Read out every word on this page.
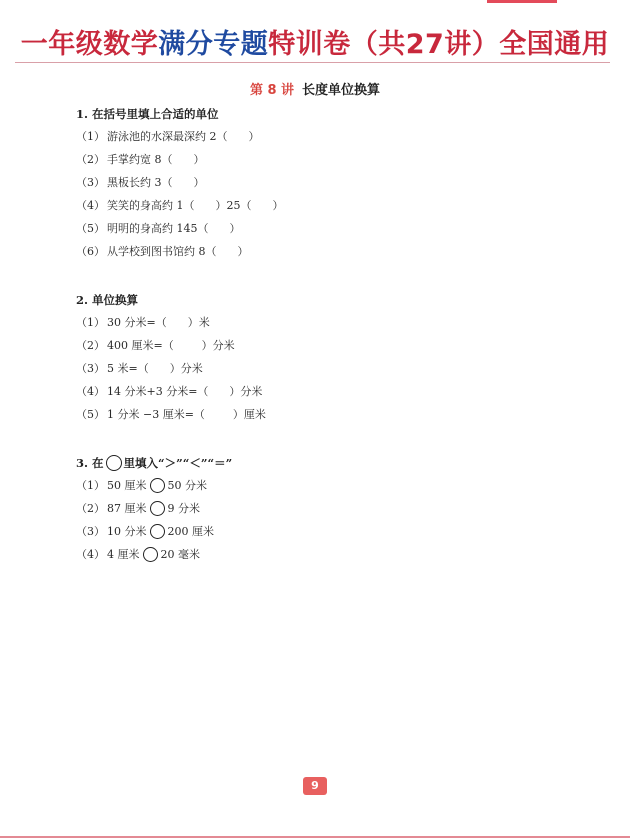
一年级数学满分专题特训卷（共27讲）全国通用
第 8 讲 长度单位换算
1. 在括号里填上合适的单位
（1） 游泳池的水深最深约 2（      ）
（2） 手掌约宽 8（      ）
（3） 黑板长约 3（      ）
（4） 笑笑的身高约 1（      ）25（      ）
（5） 明明的身高约 145（      ）
（6） 从学校到图书馆约 8（      ）
2. 单位换算
（1） 30 分米=（      ）米
（2） 400 厘米=（        ）分米
（3） 5 米=（      ）分米
（4） 14 分米+3 分米=（      ）分米
（5） 1 分米 −3 厘米=（        ）厘米
3. 在 里填入“＞”“＜”“＝”
（1） 50 厘米 50 分米
（2） 87 厘米 9 分米
（3） 10 分米 200 厘米
（4） 4 厘米 20 毫米
9
